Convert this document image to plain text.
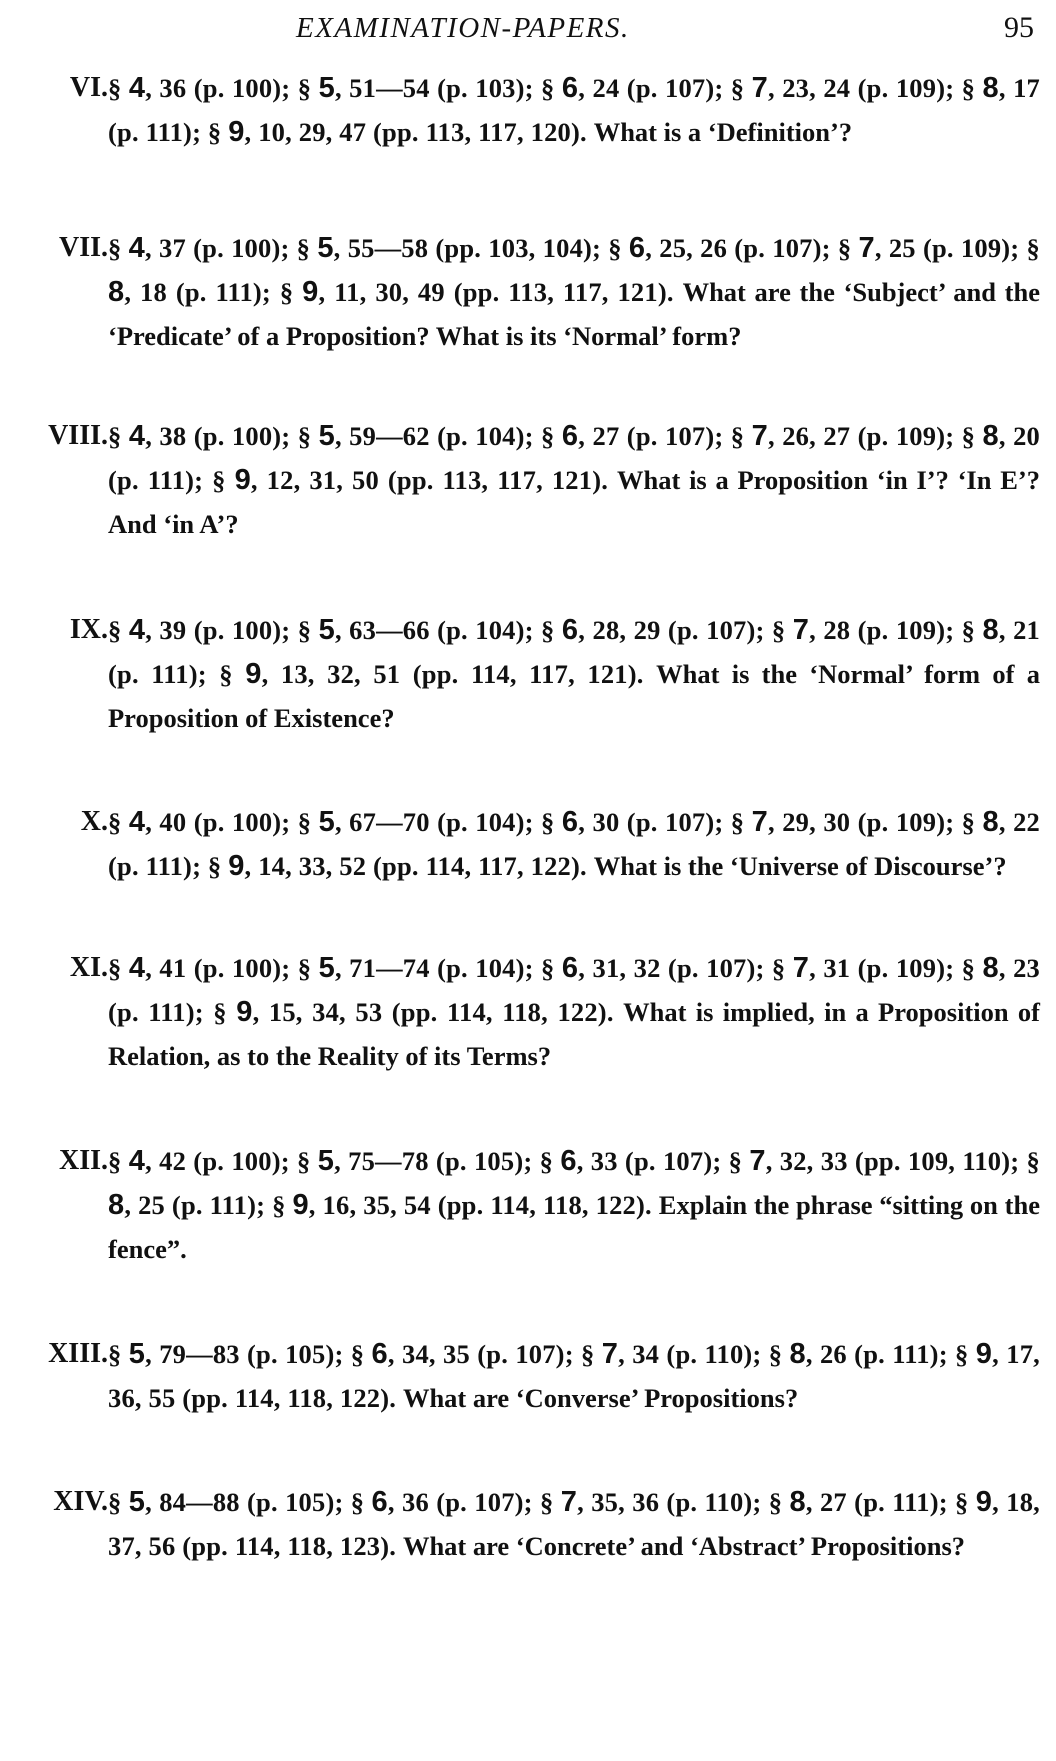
EXAMINATION-PAPERS.	95
VI. § 4, 36 (p. 100); § 5, 51—54 (p. 103); § 6, 24 (p. 107); § 7, 23, 24 (p. 109); § 8, 17 (p. 111); § 9, 10, 29, 47 (pp. 113, 117, 120). What is a ‘Definition’?
VII. § 4, 37 (p. 100); § 5, 55—58 (pp. 103, 104); § 6, 25, 26 (p. 107); § 7, 25 (p. 109); § 8, 18 (p. 111); § 9, 11, 30, 49 (pp. 113, 117, 121). What are the ‘Subject’ and the ‘Predicate’ of a Proposition? What is its ‘Normal’ form?
VIII. § 4, 38 (p. 100); § 5, 59—62 (p. 104); § 6, 27 (p. 107); § 7, 26, 27 (p. 109); § 8, 20 (p. 111); § 9, 12, 31, 50 (pp. 113, 117, 121). What is a Proposition ‘in I’? ‘In E’? And ‘in A’?
IX. § 4, 39 (p. 100); § 5, 63—66 (p. 104); § 6, 28, 29 (p. 107); § 7, 28 (p. 109); § 8, 21 (p. 111); § 9, 13, 32, 51 (pp. 114, 117, 121). What is the ‘Normal’ form of a Proposition of Existence?
X. § 4, 40 (p. 100); § 5, 67—70 (p. 104); § 6, 30 (p. 107); § 7, 29, 30 (p. 109); § 8, 22 (p. 111); § 9, 14, 33, 52 (pp. 114, 117, 122). What is the ‘Universe of Discourse’?
XI. § 4, 41 (p. 100); § 5, 71—74 (p. 104); § 6, 31, 32 (p. 107); § 7, 31 (p. 109); § 8, 23 (p. 111); § 9, 15, 34, 53 (pp. 114, 118, 122). What is implied, in a Proposition of Relation, as to the Reality of its Terms?
XII. § 4, 42 (p. 100); § 5, 75—78 (p. 105); § 6, 33 (p. 107); § 7, 32, 33 (pp. 109, 110); § 8, 25 (p. 111); § 9, 16, 35, 54 (pp. 114, 118, 122). Explain the phrase “sitting on the fence”.
XIII. § 5, 79—83 (p. 105); § 6, 34, 35 (p. 107); § 7, 34 (p. 110); § 8, 26 (p. 111); § 9, 17, 36, 55 (pp. 114, 118, 122). What are ‘Converse’ Propositions?
XIV. § 5, 84—88 (p. 105); § 6, 36 (p. 107); § 7, 35, 36 (p. 110); § 8, 27 (p. 111); § 9, 18, 37, 56 (pp. 114, 118, 123). What are ‘Concrete’ and ‘Abstract’ Propositions?
